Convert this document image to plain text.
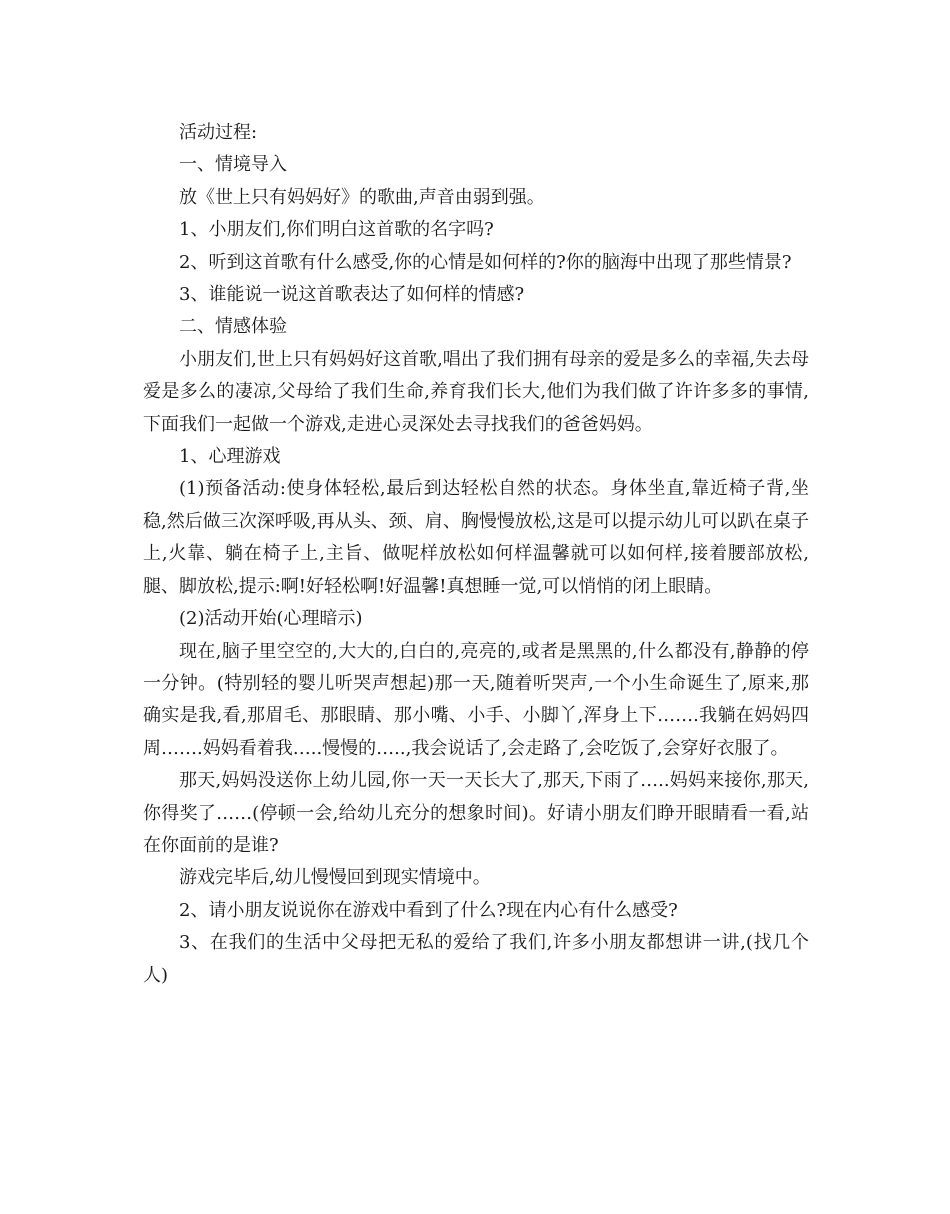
活动过程:

一、情境导入

放《世上只有妈妈好》的歌曲,声音由弱到强。

1、小朋友们,你们明白这首歌的名字吗?

2、听到这首歌有什么感受,你的心情是如何样的?你的脑海中出现了那些情景?

3、谁能说一说这首歌表达了如何样的情感?

二、情感体验

小朋友们,世上只有妈妈好这首歌,唱出了我们拥有母亲的爱是多么的幸福,失去母爱是多么的凄凉,父母给了我们生命,养育我们长大,他们为我们做了许许多多的事情,下面我们一起做一个游戏,走进心灵深处去寻找我们的爸爸妈妈。

1、心理游戏

(1)预备活动:使身体轻松,最后到达轻松自然的状态。身体坐直,靠近椅子背,坐稳,然后做三次深呼吸,再从头、颈、肩、胸慢慢放松,这是可以提示幼儿可以趴在桌子上,火靠、躺在椅子上,主旨、做呢样放松如何样温馨就可以如何样,接着腰部放松,腿、脚放松,提示:啊!好轻松啊!好温馨!真想睡一觉,可以悄悄的闭上眼睛。

(2)活动开始(心理暗示)

现在,脑子里空空的,大大的,白白的,亮亮的,或者是黑黑的,什么都没有,静静的停一分钟。(特别轻的婴儿听哭声想起)那一天,随着听哭声,一个小生命诞生了,原来,那确实是我,看,那眉毛、那眼睛、那小嘴、小手、小脚丫,浑身上下…….我躺在妈妈四周…….妈妈看着我…..慢慢的…..,我会说话了,会走路了,会吃饭了,会穿好衣服了。

那天,妈妈没送你上幼儿园,你一天一天长大了,那天,下雨了…..妈妈来接你,那天,你得奖了……(停顿一会,给幼儿充分的想象时间)。好请小朋友们睁开眼睛看一看,站在你面前的是谁?

游戏完毕后,幼儿慢慢回到现实情境中。

2、请小朋友说说你在游戏中看到了什么?现在内心有什么感受?

3、在我们的生活中父母把无私的爱给了我们,许多小朋友都想讲一讲,(找几个人)
